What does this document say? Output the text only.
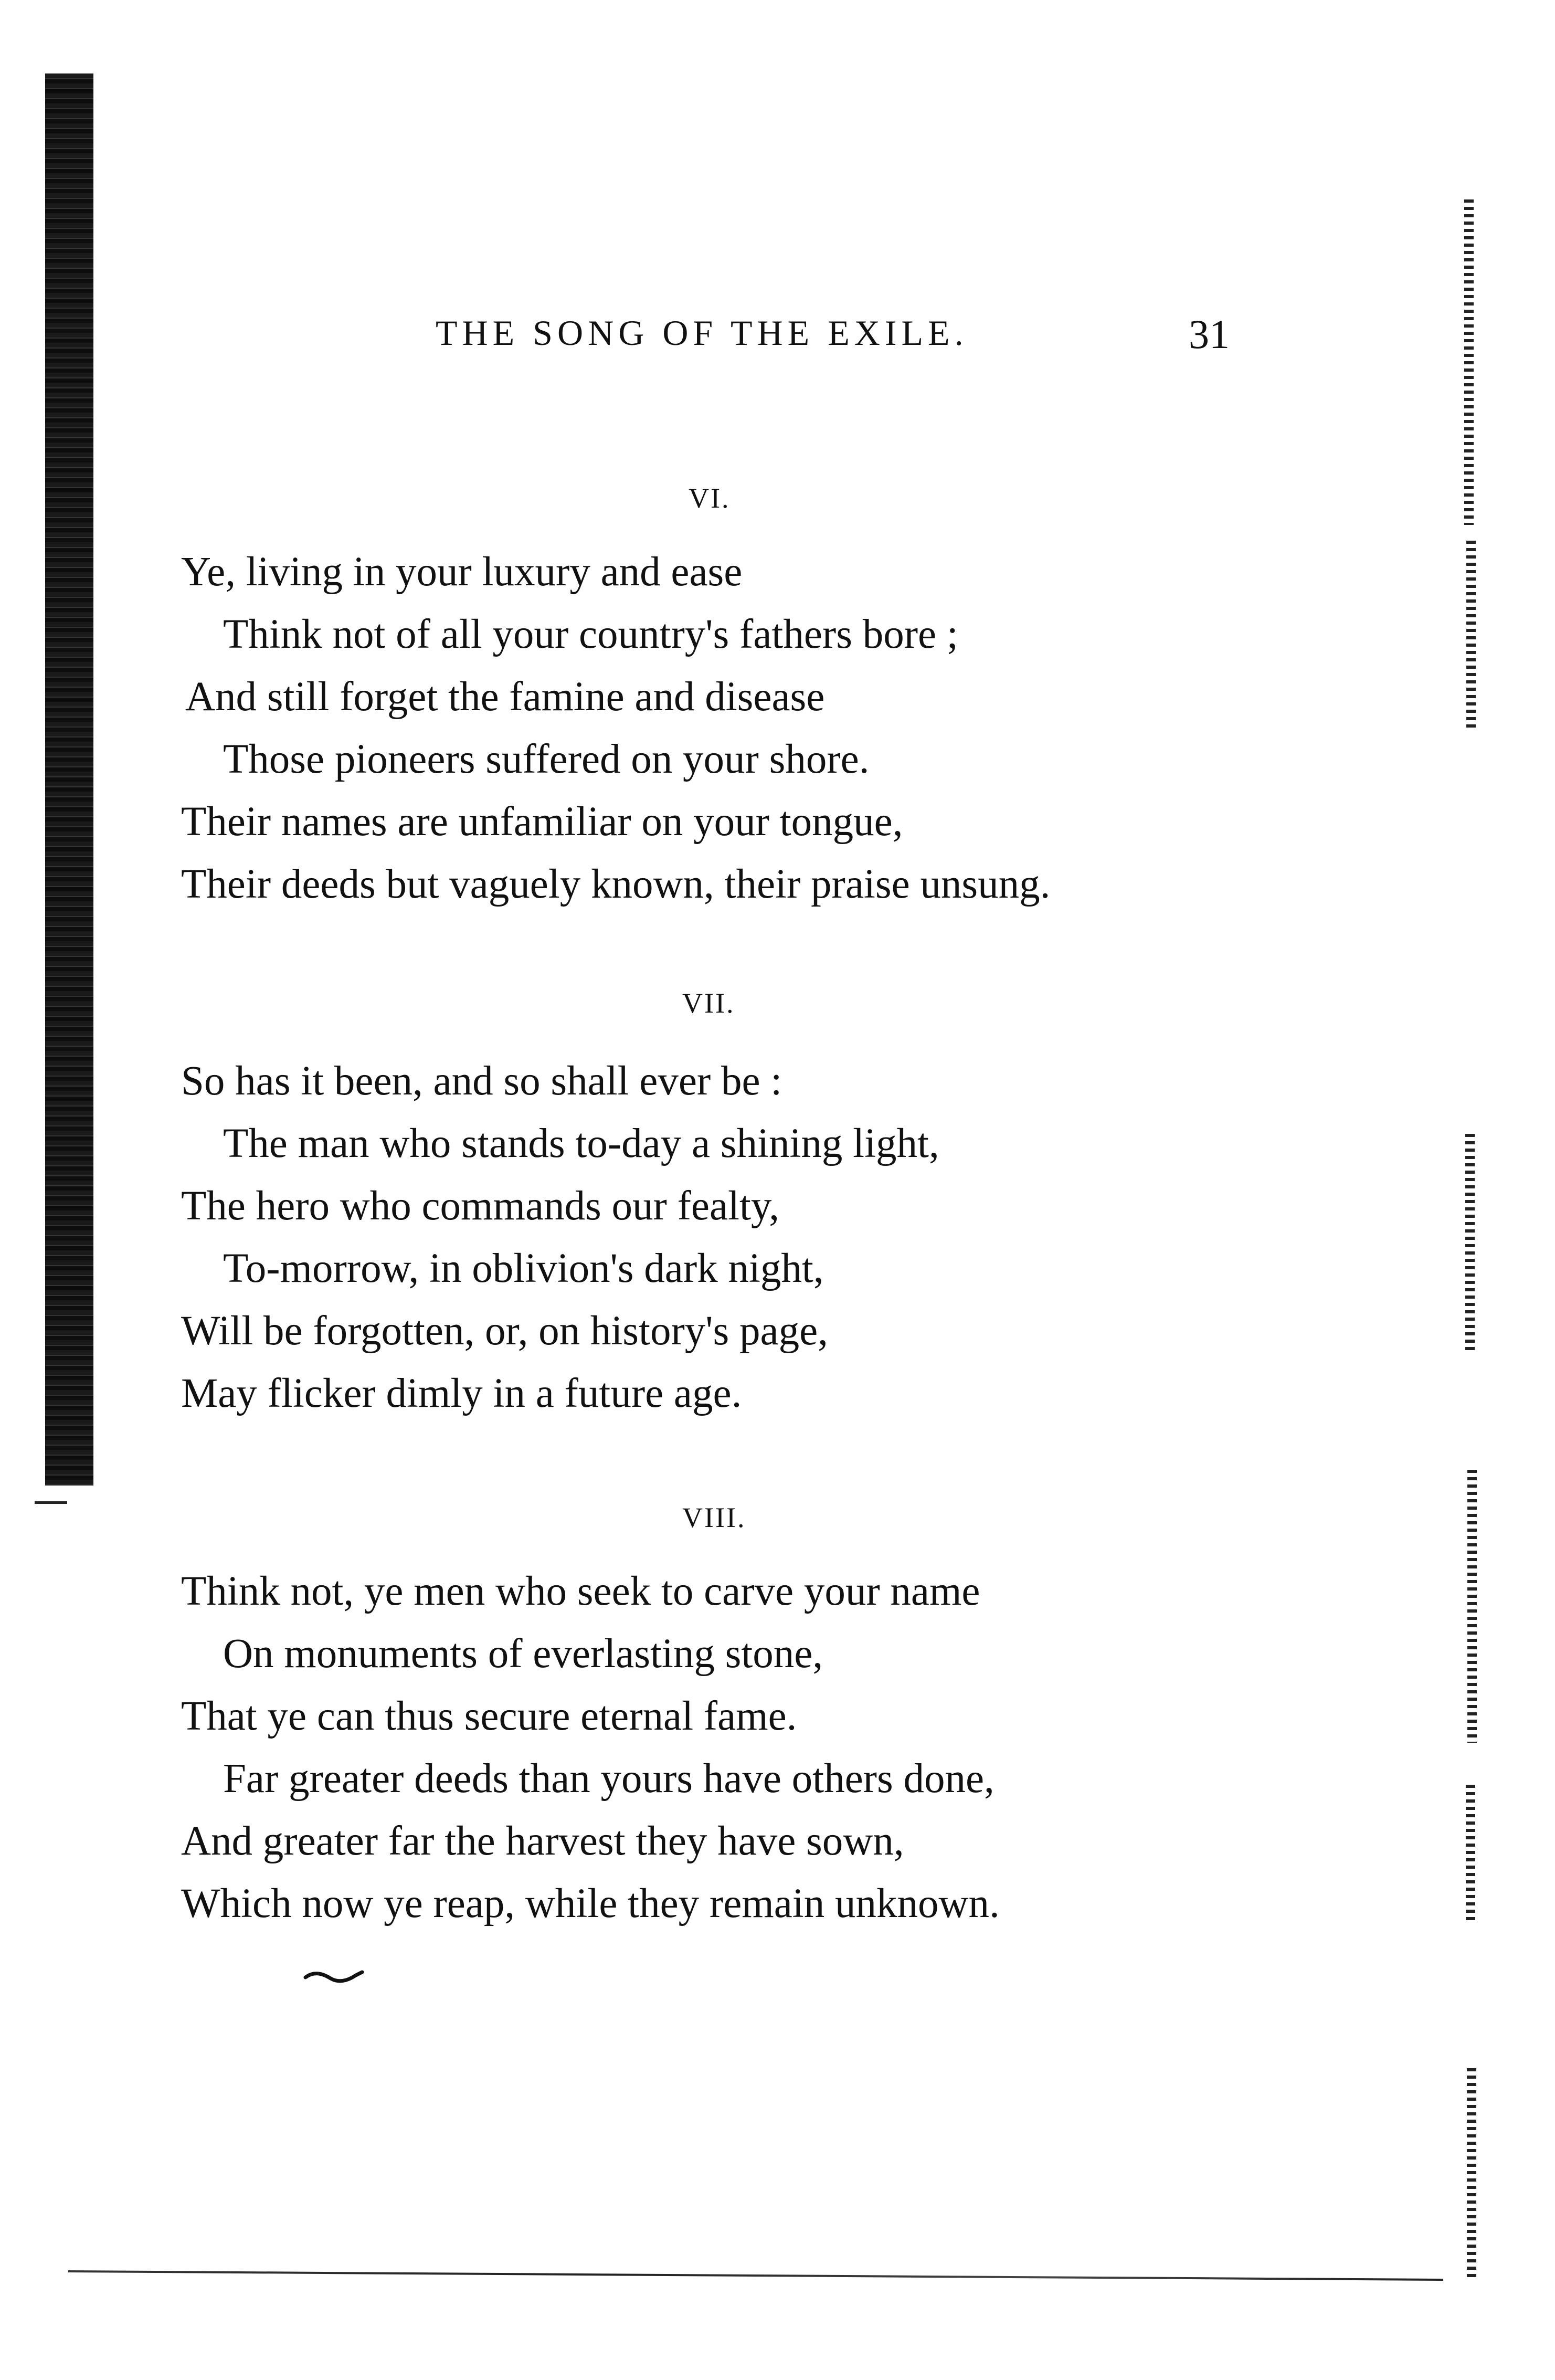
THE SONG OF THE EXILE.	31
VI.
Ye, living in your luxury and ease
Think not of all your country's fathers bore ;
And still forget the famine and disease
Those pioneers suffered on your shore.
Their names are unfamiliar on your tongue,
Their deeds but vaguely known, their praise unsung.
VII.
So has it been, and so shall ever be :
The man who stands to-day a shining light,
The hero who commands our fealty,
To-morrow, in oblivion's dark night,
Will be forgotten, or, on history's page,
May flicker dimly in a future age.
VIII.
Think not, ye men who seek to carve your name
On monuments of everlasting stone,
That ye can thus secure eternal fame.
Far greater deeds than yours have others done,
And greater far the harvest they have sown,
Which now ye reap, while they remain unknown.
